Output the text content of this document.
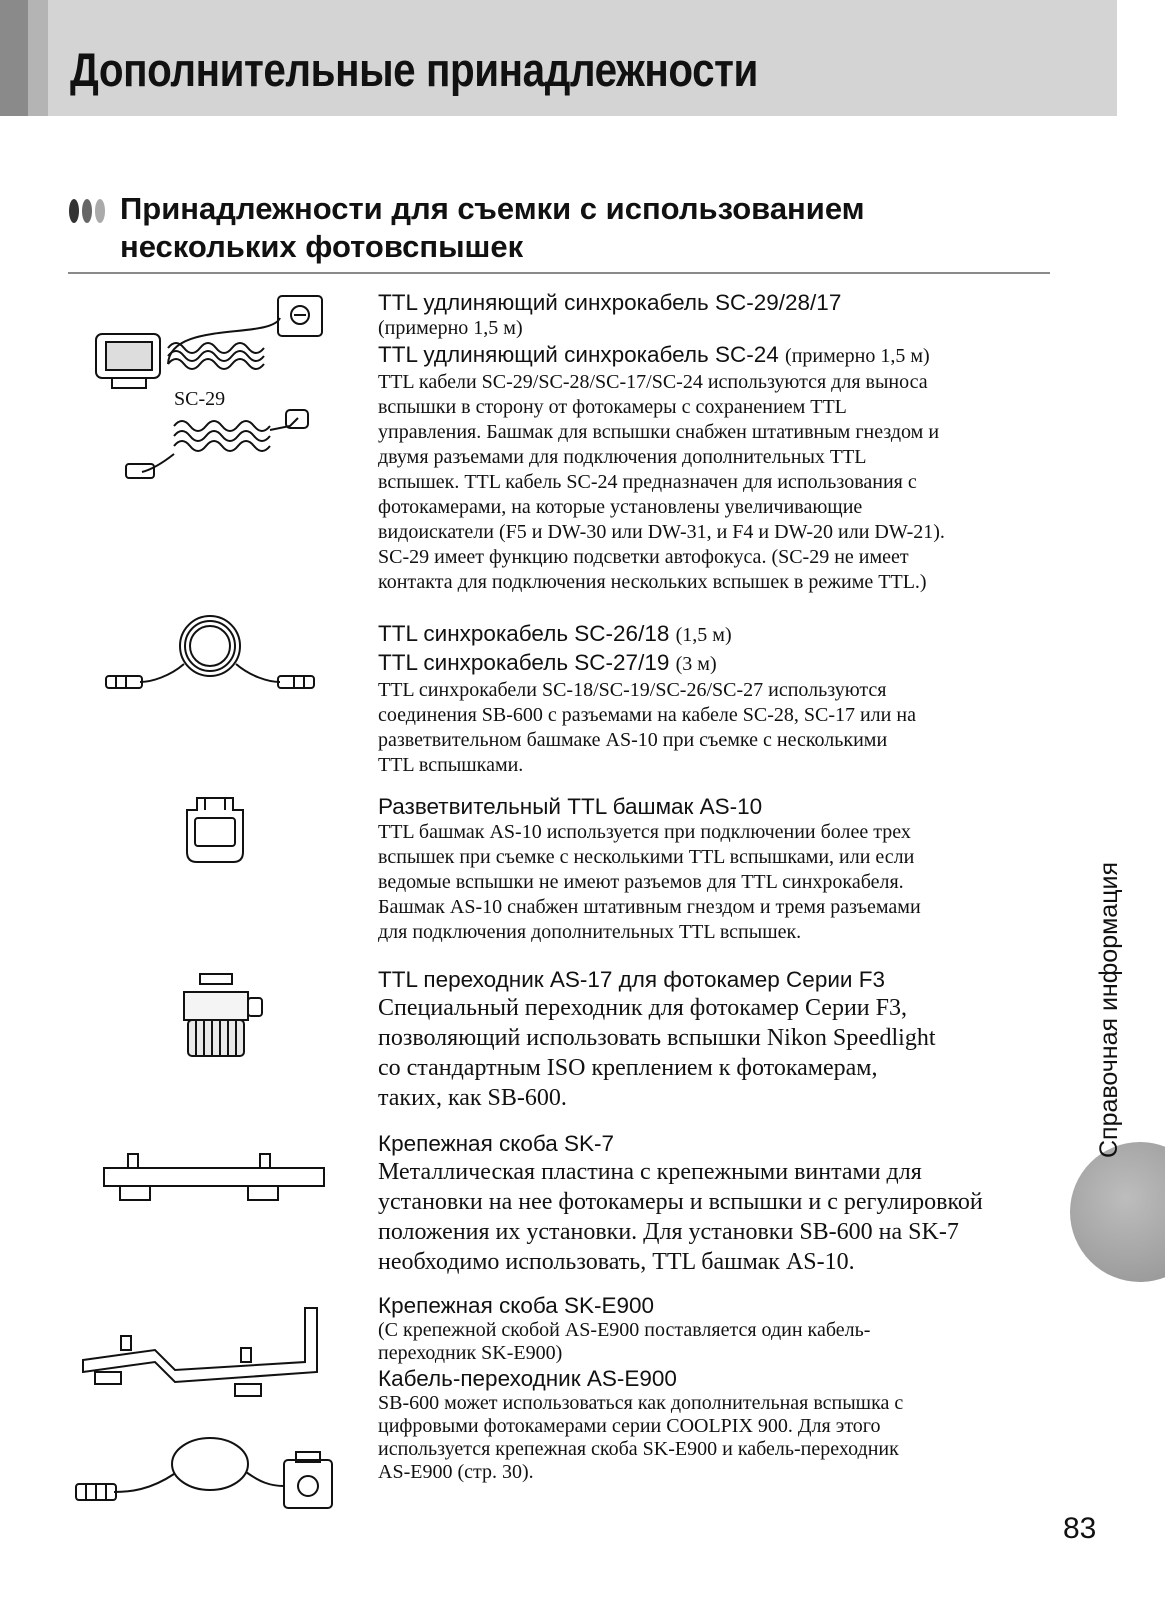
Дополнительные принадлежности
Принадлежности для съемки с использованием
нескольких фотовспышек
SC-29
TTL удлиняющий синхрокабель SC-29/28/17
(примерно 1,5 м)
TTL удлиняющий синхрокабель SC-24 (примерно 1,5 м)
TTL кабели SC-29/SC-28/SC-17/SC-24 используются для выноса
вспышки в сторону от фотокамеры с сохранением TTL
управления. Башмак для вспышки снабжен штативным гнездом и
двумя разъемами для подключения дополнительных TTL
вспышек. TTL кабель SC-24 предназначен для использования с
фотокамерами, на которые установлены увеличивающие
видоискатели (F5 и DW-30 или DW-31, и F4 и DW-20 или DW-21).
SC-29 имеет функцию подсветки автофокуса. (SC-29 не имеет
контакта для подключения нескольких вспышек в режиме TTL.)
TTL синхрокабель SC-26/18 (1,5 м)
TTL синхрокабель SC-27/19 (3 м)
TTL синхрокабели SC-18/SC-19/SC-26/SC-27 используются
соединения SB-600 с разъемами на кабеле SC-28, SC-17 или на
разветвительном башмаке AS-10 при съемке с несколькими
TTL вспышками.
Разветвительный TTL башмак AS-10
TTL башмак AS-10 используется при подключении более трех
вспышек при съемке с несколькими TTL вспышками, или если
ведомые вспышки не имеют разъемов для TTL синхрокабеля.
Башмак AS-10 снабжен штативным гнездом и тремя разъемами
для подключения дополнительных TTL вспышек.
TTL переходник AS-17 для фотокамер Серии F3
Специальный переходник для фотокамер Серии F3,
позволяющий использовать вспышки Nikon Speedlight
со стандартным ISO креплением к фотокамерам,
таких, как SB-600.
Крепежная скоба SK-7
Металлическая пластина с крепежными винтами для
установки на нее фотокамеры и вспышки и с регулировкой
положения их установки. Для установки SB-600 на SK-7
необходимо использовать, TTL башмак AS-10.
Крепежная скоба SK-E900
(С крепежной скобой AS-E900 поставляется один кабель-
переходник SK-E900)
Кабель-переходник AS-E900
SB-600 может использоваться как дополнительная вспышка с
цифровыми фотокамерами серии COOLPIX 900. Для этого
используется крепежная скоба SK-E900 и кабель-переходник
AS-E900 (стр. 30).
Справочная информация
83
